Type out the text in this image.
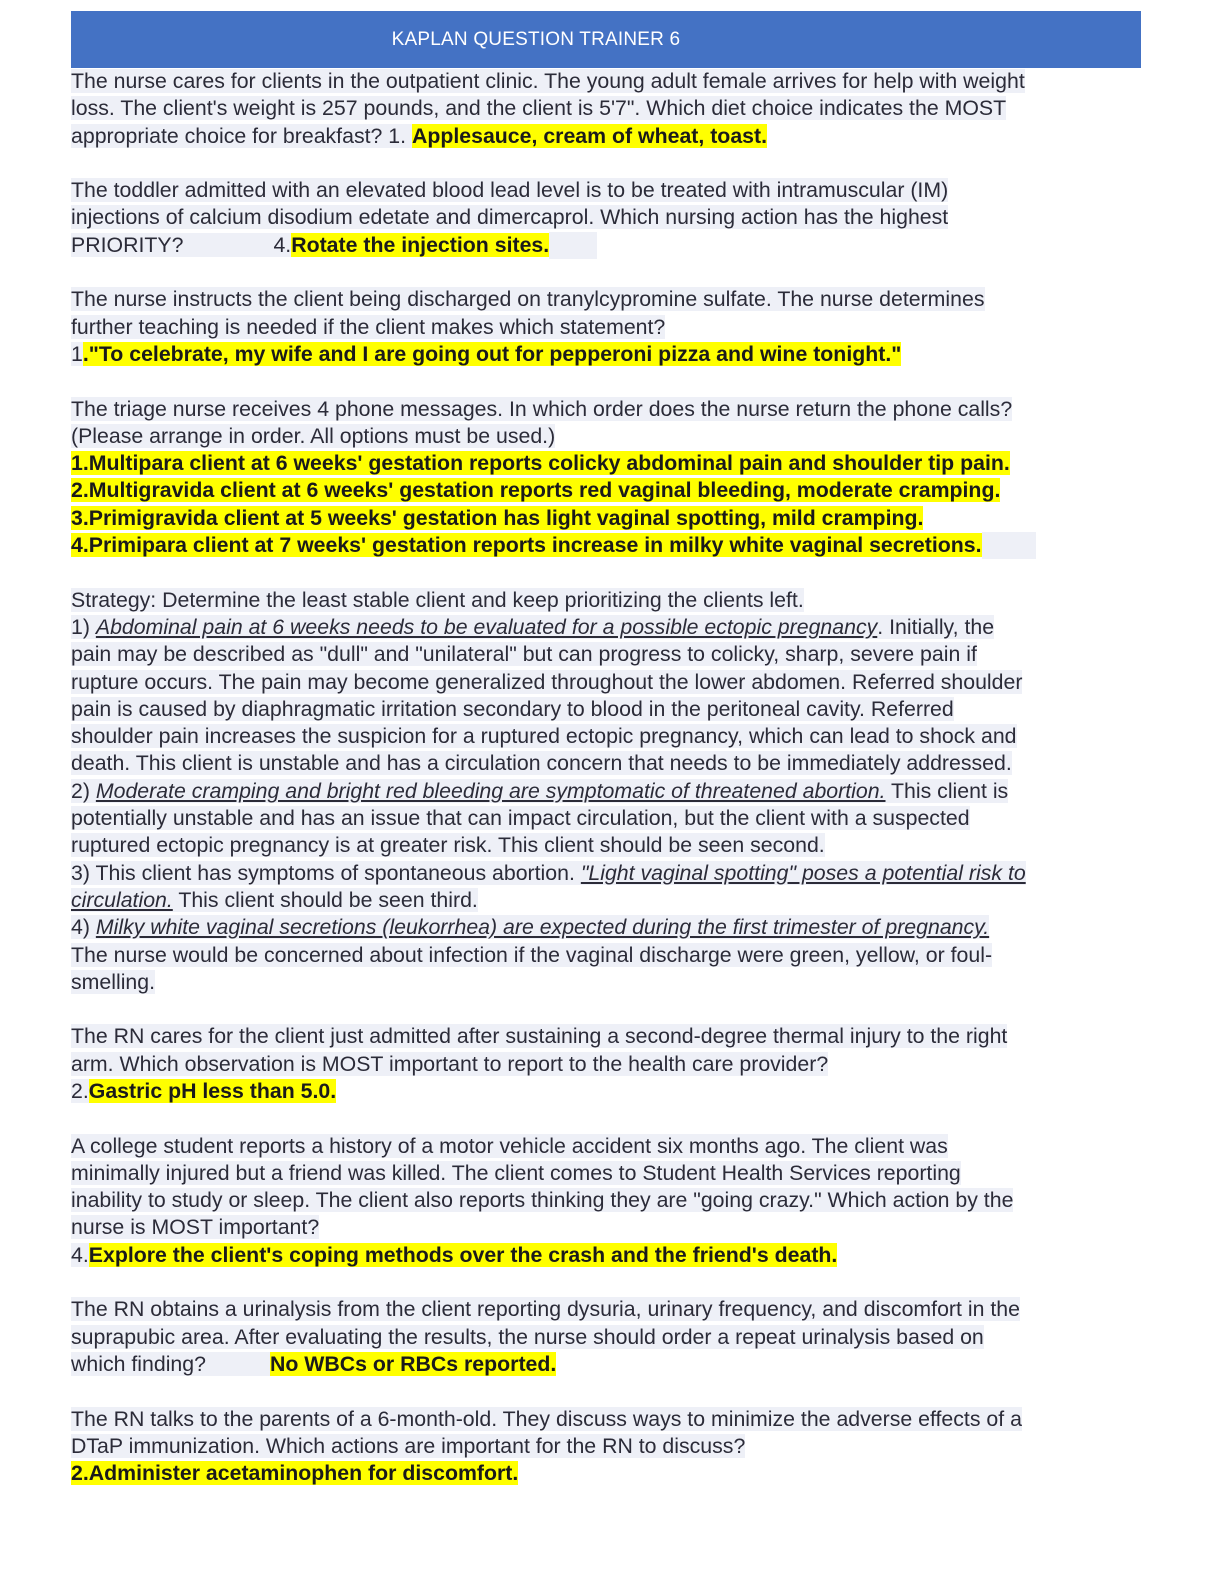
KAPLAN QUESTION TRAINER 6

The nurse cares for clients in the outpatient clinic. The young adult female arrives for help with weight

loss. The client's weight is 257 pounds, and the client is 5'7". Which diet choice indicates the MOST

appropriate choice for breakfast? 1. Applesauce, cream of wheat, toast.

The toddler admitted with an elevated blood lead level is to be treated with intramuscular (IM)

injections of calcium disodium edetate and dimercaprol. Which nursing action has the highest

PRIORITY?	4.Rotate the injection sites.

The nurse instructs the client being discharged on tranylcypromine sulfate. The nurse determines

further teaching is needed if the client makes which statement?

1."To celebrate, my wife and I are going out for pepperoni pizza and wine tonight."

The triage nurse receives 4 phone messages. In which order does the nurse return the phone calls?

(Please arrange in order. All options must be used.)

1.Multipara client at 6 weeks' gestation reports colicky abdominal pain and shoulder tip pain.

2.Multigravida client at 6 weeks' gestation reports red vaginal bleeding, moderate cramping.

3.Primigravida client at 5 weeks' gestation has light vaginal spotting, mild cramping.

4.Primipara client at 7 weeks' gestation reports increase in milky white vaginal secretions.

Strategy: Determine the least stable client and keep prioritizing the clients left.

1) Abdominal pain at 6 weeks needs to be evaluated for a possible ectopic pregnancy. Initially, the

pain may be described as "dull" and "unilateral" but can progress to colicky, sharp, severe pain if

rupture occurs. The pain may become generalized throughout the lower abdomen. Referred shoulder

pain is caused by diaphragmatic irritation secondary to blood in the peritoneal cavity. Referred

shoulder pain increases the suspicion for a ruptured ectopic pregnancy, which can lead to shock and

death. This client is unstable and has a circulation concern that needs to be immediately addressed.

2) Moderate cramping and bright red bleeding are symptomatic of threatened abortion. This client is

potentially unstable and has an issue that can impact circulation, but the client with a suspected

ruptured ectopic pregnancy is at greater risk. This client should be seen second.

3) This client has symptoms of spontaneous abortion. "Light vaginal spotting" poses a potential risk to

circulation. This client should be seen third.

4) Milky white vaginal secretions (leukorrhea) are expected during the first trimester of pregnancy.

The nurse would be concerned about infection if the vaginal discharge were green, yellow, or foul-

smelling.

The RN cares for the client just admitted after sustaining a second-degree thermal injury to the right

arm. Which observation is MOST important to report to the health care provider?

2.Gastric pH less than 5.0.

A college student reports a history of a motor vehicle accident six months ago. The client was

minimally injured but a friend was killed. The client comes to Student Health Services reporting

inability to study or sleep. The client also reports thinking they are "going crazy." Which action by the

nurse is MOST important?

4.Explore the client's coping methods over the crash and the friend's death.

The RN obtains a urinalysis from the client reporting dysuria, urinary frequency, and discomfort in the

suprapubic area. After evaluating the results, the nurse should order a repeat urinalysis based on

which finding?	No WBCs or RBCs reported.

The RN talks to the parents of a 6-month-old. They discuss ways to minimize the adverse effects of a

DTaP immunization. Which actions are important for the RN to discuss?

2.Administer acetaminophen for discomfort.
